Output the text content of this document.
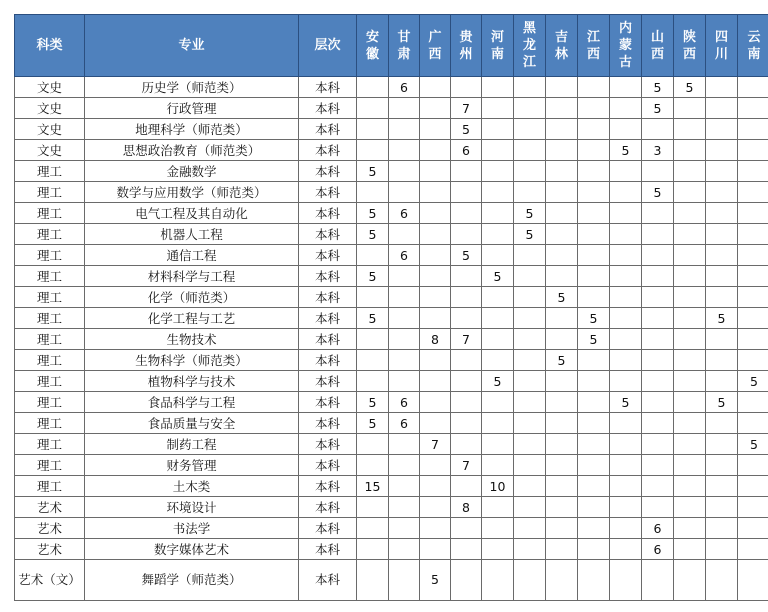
科类	专业	层次	安徽	甘肃	广西	贵州	河南	黑龙江	吉林	江西	内蒙古	山西	陕西	四川	云南

文史	历史学（师范类）	本科		6								5	5		
文史	行政管理	本科				7						5			
文史	地理科学（师范类）	本科				5									
文史	思想政治教育（师范类）	本科				6					5	3			
理工	金融数学	本科	5												
理工	数学与应用数学（师范类）	本科										5			
理工	电气工程及其自动化	本科	5	6				5							
理工	机器人工程	本科	5					5							
理工	通信工程	本科		6		5									
理工	材料科学与工程	本科	5				5								
理工	化学（师范类）	本科							5						
理工	化学工程与工艺	本科	5							5				5	
理工	生物技术	本科			8	7				5					
理工	生物科学（师范类）	本科							5						
理工	植物科学与技术	本科					5								5
理工	食品科学与工程	本科	5	6							5			5	
理工	食品质量与安全	本科	5	6											
理工	制药工程	本科			7										5
理工	财务管理	本科				7									
理工	土木类	本科	15				10								
艺术	环境设计	本科				8									
艺术	书法学	本科										6			
艺术	数字媒体艺术	本科										6			
艺术（文）	舞蹈学（师范类）	本科			5										
